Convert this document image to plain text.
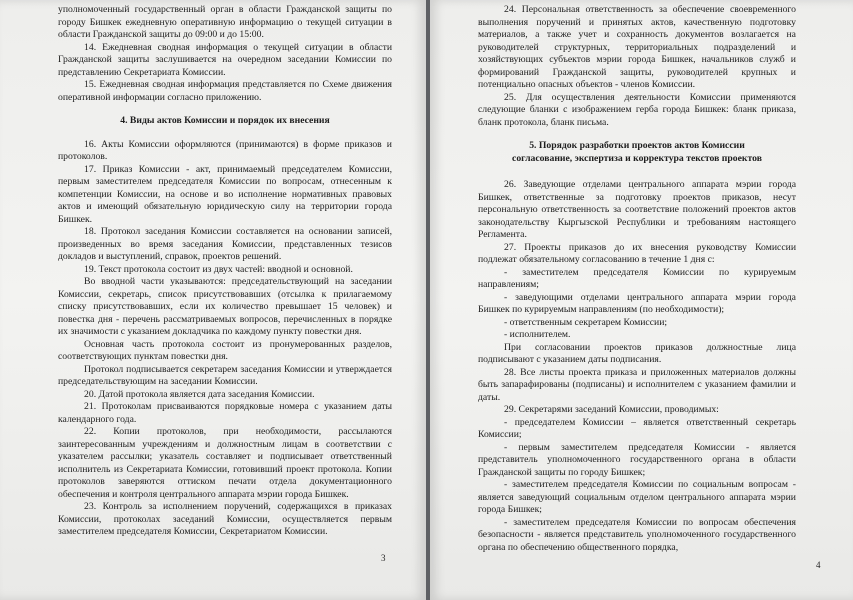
уполномоченный государственный орган в области Гражданской защиты по городу Бишкек ежедневную оперативную информацию о текущей ситуации в области Гражданской защиты до 09:00 и до 15:00.

14. Ежедневная сводная информация о текущей ситуации в области Гражданской защиты заслушивается на очередном заседании Комиссии по представлению Секретариата Комиссии.

15. Ежедневная сводная информация представляется по Схеме движения оперативной информации согласно приложению.

4. Виды актов Комиссии и порядок их внесения

16. Акты Комиссии оформляются (принимаются) в форме приказов и протоколов.

17. Приказ Комиссии - акт, принимаемый председателем Комиссии, первым заместителем председателя Комиссии по вопросам, отнесенным к компетенции Комиссии, на основе и во исполнение нормативных правовых актов и имеющий обязательную юридическую силу на территории города Бишкек.

18. Протокол заседания Комиссии составляется на основании записей, произведенных во время заседания Комиссии, представленных тезисов докладов и выступлений, справок, проектов решений.

19. Текст протокола состоит из двух частей: вводной и основной.

Во вводной части указываются: председательствующий на заседании Комиссии, секретарь, список присутствовавших (отсылка к прилагаемому списку присутствовавших, если их количество превышает 15 человек) и повестка дня - перечень рассматриваемых вопросов, перечисленных в порядке их значимости с указанием докладчика по каждому пункту повестки дня.

Основная часть протокола состоит из пронумерованных разделов, соответствующих пунктам повестки дня.

Протокол подписывается секретарем заседания Комиссии и утверждается председательствующим на заседании Комиссии.

20. Датой протокола является дата заседания Комиссии.

21. Протоколам присваиваются порядковые номера с указанием даты календарного года.

22. Копии протоколов, при необходимости, рассылаются заинтересованным учреждениям и должностным лицам в соответствии с указателем рассылки; указатель составляет и подписывает ответственный исполнитель из Секретариата Комиссии, готовивший проект протокола. Копии протоколов заверяются оттиском печати отдела документационного обеспечения и контроля центрального аппарата мэрии города Бишкек.

23. Контроль за исполнением поручений, содержащихся в приказах Комиссии, протоколах заседаний Комиссии, осуществляется первым заместителем председателя Комиссии, Секретариатом Комиссии.

3

24. Персональная ответственность за обеспечение своевременного выполнения поручений и принятых актов, качественную подготовку материалов, а также учет и сохранность документов возлагается на руководителей структурных, территориальных подразделений и хозяйствующих субъектов мэрии города Бишкек, начальников служб и формирований Гражданской защиты, руководителей крупных и потенциально опасных объектов - членов Комиссии.

25. Для осуществления деятельности Комиссии применяются следующие бланки с изображением герба города Бишкек: бланк приказа, бланк протокола, бланк письма.

5. Порядок разработки проектов актов Комиссии
согласование, экспертиза и корректура текстов проектов

26. Заведующие отделами центрального аппарата мэрии города Бишкек, ответственные за подготовку проектов приказов, несут персональную ответственность за соответствие положений проектов актов законодательству Кыргызской Республики и требованиям настоящего Регламента.

27. Проекты приказов до их внесения руководству Комиссии подлежат обязательному согласованию в течение 1 дня с:

- заместителем председателя Комиссии по курируемым направлениям;

- заведующими отделами центрального аппарата мэрии города Бишкек по курируемым направлениям (по необходимости);

- ответственным секретарем Комиссии;

- исполнителем.

При согласовании проектов приказов должностные лица подписывают с указанием даты подписания.

28. Все листы проекта приказа и приложенных материалов должны быть запарафированы (подписаны) и исполнителем с указанием фамилии и даты.

29. Секретарями заседаний Комиссии, проводимых:

- председателем Комиссии – является ответственный секретарь Комиссии;

- первым заместителем председателя Комиссии - является представитель уполномоченного государственного органа в области Гражданской защиты по городу Бишкек;

- заместителем председателя Комиссии по социальным вопросам - является заведующий социальным отделом центрального аппарата мэрии города Бишкек;

- заместителем председателя Комиссии по вопросам обеспечения безопасности - является представитель уполномоченного государственного органа по обеспечению общественного порядка,

4
